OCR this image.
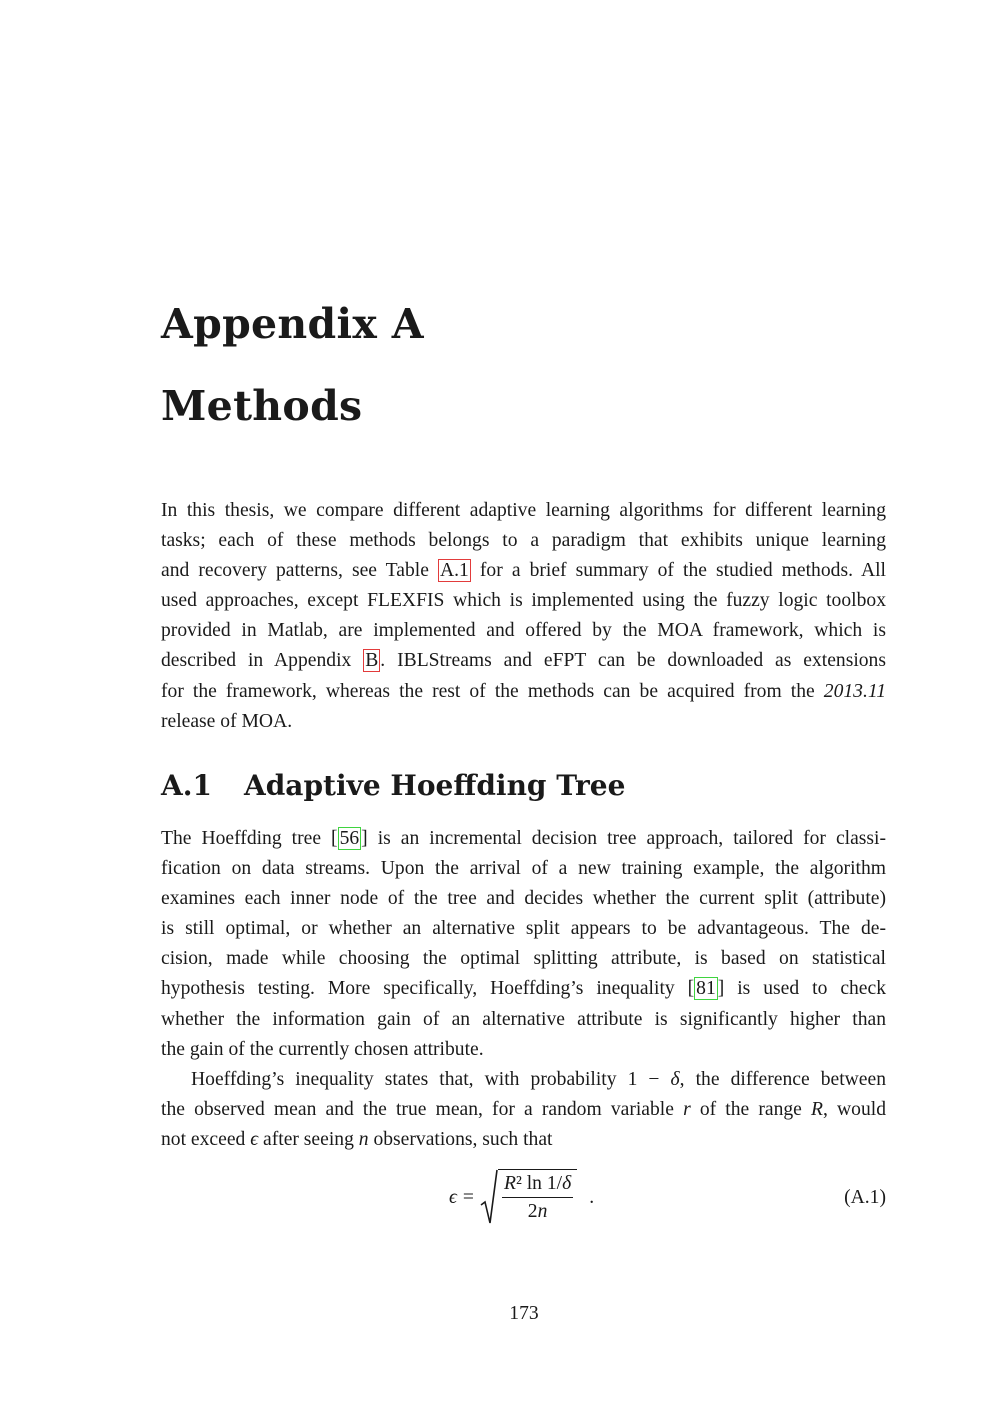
Appendix A
Methods

In this thesis, we compare different adaptive learning algorithms for different learning
tasks; each of these methods belongs to a paradigm that exhibits unique learning
and recovery patterns, see Table A.1 for a brief summary of the studied methods. All
used approaches, except FLEXFIS which is implemented using the fuzzy logic toolbox
provided in Matlab, are implemented and offered by the MOA framework, which is
described in Appendix B . IBLStreams and eFPT can be downloaded as extensions
for the framework, whereas the rest of the methods can be acquired from the 2013.11
release of MOA.

A.1 Adaptive Hoeffding Tree

The Hoeffding tree [ 56 ] is an incremental decision tree approach, tailored for classi-
fication on data streams. Upon the arrival of a new training example, the algorithm
examines each inner node of the tree and decides whether the current split (attribute)
is still optimal, or whether an alternative split appears to be advantageous. The de-
cision, made while choosing the optimal splitting attribute, is based on statistical
hypothesis testing. More specifically, Hoeffding’s inequality [ 81 ] is used to check
whether the information gain of an alternative attribute is significantly higher than
the gain of the currently chosen attribute.

Hoeffding’s inequality states that, with probability 1 − δ, the difference between
the observed mean and the true mean, for a random variable r of the range R, would
not exceed ϵ after seeing n observations, such that

$\epsilon = \frac{\text{R² ln 1/δ}}{2n}$ .	(A.1)
173
